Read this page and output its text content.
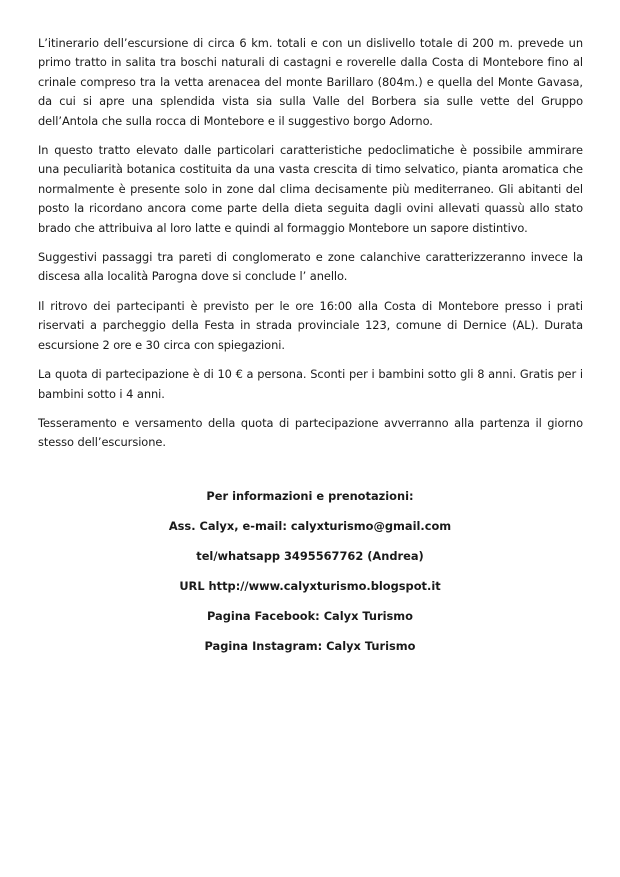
L’itinerario dell’escursione di circa 6 km. totali e con un dislivello totale di 200 m. prevede un primo tratto in salita tra boschi naturali di castagni e roverelle dalla Costa di Montebore fino al crinale compreso tra la vetta arenacea del monte Barillaro (804m.) e quella del Monte Gavasa, da cui si apre una splendida vista sia sulla Valle del Borbera sia sulle vette del Gruppo dell’Antola che sulla rocca di Montebore e il suggestivo borgo Adorno.

In questo tratto elevato dalle particolari caratteristiche pedoclimatiche è possibile ammirare una peculiarità botanica costituita da una vasta crescita di timo selvatico, pianta aromatica che normalmente è presente solo in zone dal clima decisamente più mediterraneo. Gli abitanti del posto la ricordano ancora come parte della dieta seguita dagli ovini allevati quassù allo stato brado che attribuiva al loro latte e quindi al formaggio Montebore un sapore distintivo.

Suggestivi passaggi tra pareti di conglomerato e zone calanchive caratterizzeranno invece la discesa alla località Parogna dove si conclude l’ anello.

Il ritrovo dei partecipanti è previsto per le ore 16:00 alla Costa di Montebore presso i prati riservati a parcheggio della Festa in strada provinciale 123, comune di Dernice (AL). Durata escursione 2 ore e 30 circa con spiegazioni.

La quota di partecipazione è di 10 € a persona. Sconti per i bambini sotto gli 8 anni. Gratis per i bambini sotto i 4 anni.

Tesseramento e versamento della quota di partecipazione avverranno alla partenza il giorno stesso dell’escursione.

Per informazioni e prenotazioni:
Ass. Calyx, e-mail: calyxturismo@gmail.com
tel/whatsapp 3495567762 (Andrea)
URL http://www.calyxturismo.blogspot.it
Pagina Facebook: Calyx Turismo
Pagina Instagram: Calyx Turismo
